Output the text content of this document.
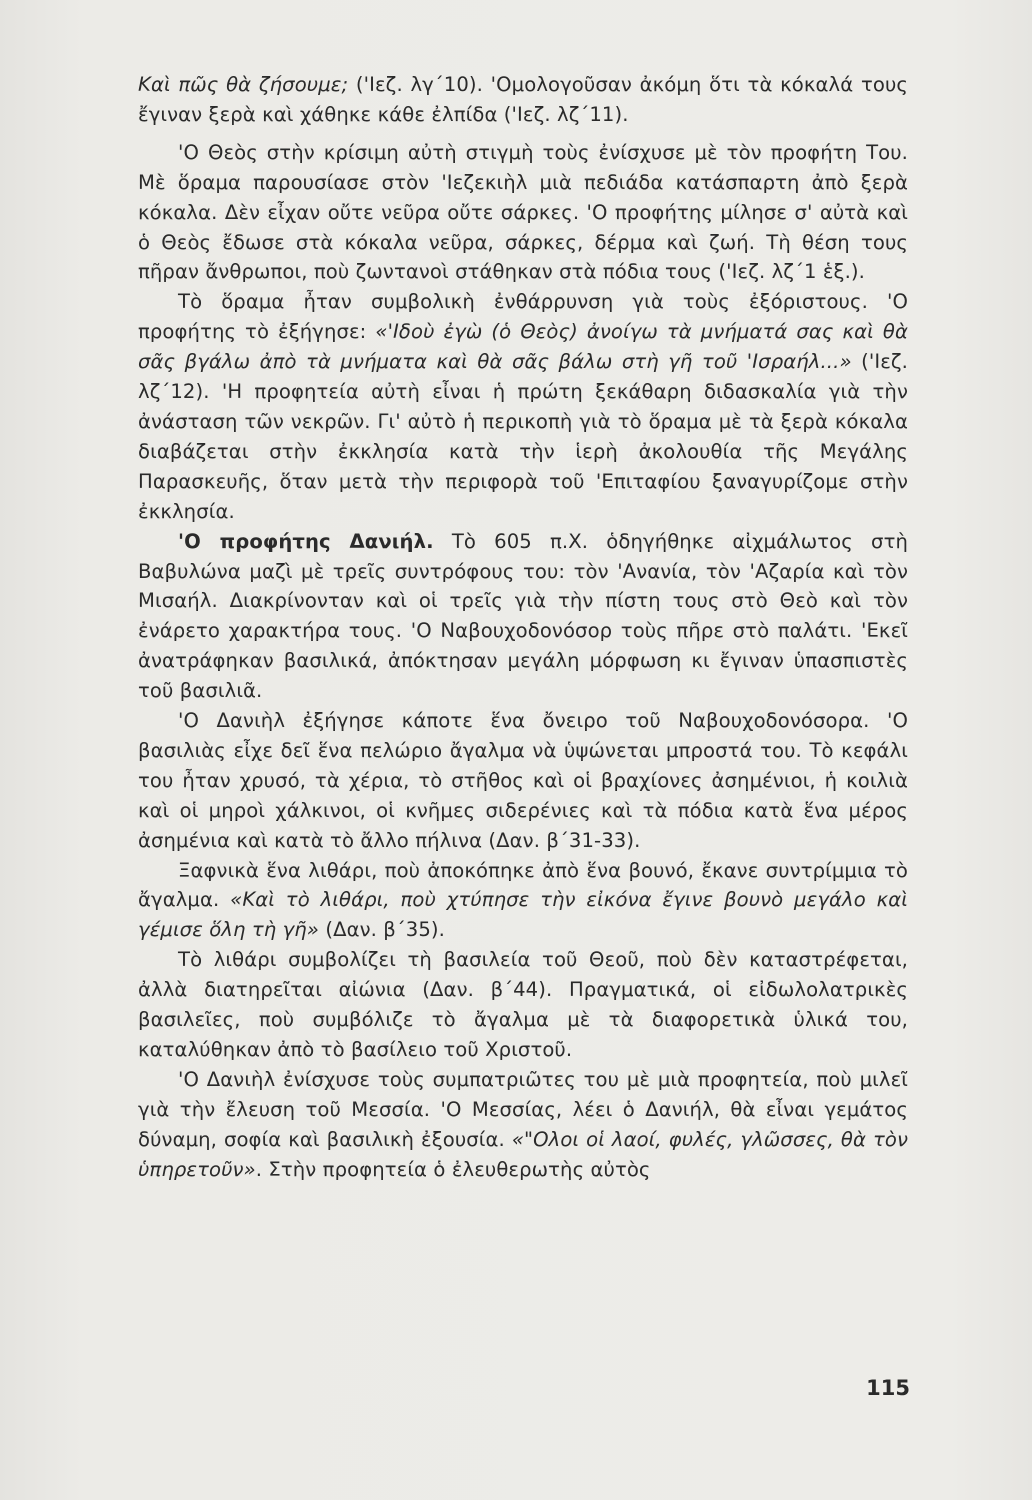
Καὶ πῶς θὰ ζήσουμε; ('Ιεζ. λγ΄10). 'Ομολογοῦσαν ἀκόμη ὅτι τὰ κόκαλά τους ἔγιναν ξερὰ καὶ χάθηκε κάθε ἐλπίδα ('Ιεζ. λζ΄11).

'Ο Θεὸς στὴν κρίσιμη αὐτὴ στιγμὴ τοὺς ἐνίσχυσε μὲ τὸν προφήτη Του. Μὲ ὅραμα παρουσίασε στὸν 'Ιεζεκιὴλ μιὰ πεδιάδα κατάσπαρτη ἀπὸ ξερὰ κόκαλα. Δὲν εἶχαν οὔτε νεῦρα οὔτε σάρκες. 'Ο προφήτης μίλησε σ' αὐτὰ καὶ ὁ Θεὸς ἔδωσε στὰ κόκαλα νεῦρα, σάρκες, δέρμα καὶ ζωή. Τὴ θέση τους πῆραν ἄνθρωποι, ποὺ ζωντανοὶ στάθηκαν στὰ πόδια τους ('Ιεζ. λζ΄1 ἑξ.).

Τὸ ὅραμα ἦταν συμβολικὴ ἐνθάρρυνση γιὰ τοὺς ἐξόριστους. 'Ο προφήτης τὸ ἐξήγησε: «'Ιδοὺ ἐγὼ (ὁ Θεὸς) ἀνοίγω τὰ μνήματά σας καὶ θὰ σᾶς βγάλω ἀπὸ τὰ μνήματα καὶ θὰ σᾶς βάλω στὴ γῆ τοῦ 'Ισραήλ...» ('Ιεζ. λζ΄12). 'Η προφητεία αὐτὴ εἶναι ἡ πρώτη ξεκάθαρη διδασκαλία γιὰ τὴν ἀνάσταση τῶν νεκρῶν. Γι' αὐτὸ ἡ περικοπὴ γιὰ τὸ ὅραμα μὲ τὰ ξερὰ κόκαλα διαβάζεται στὴν ἐκκλησία κατὰ τὴν ἱερὴ ἀκολουθία τῆς Μεγάλης Παρασκευῆς, ὅταν μετὰ τὴν περιφορὰ τοῦ 'Επιταφίου ξαναγυρίζομε στὴν ἐκκλησία.

'Ο προφήτης Δανιήλ. Τὸ 605 π.Χ. ὁδηγήθηκε αἰχμάλωτος στὴ Βαβυλώνα μαζὶ μὲ τρεῖς συντρόφους του: τὸν 'Ανανία, τὸν 'Αζαρία καὶ τὸν Μισαήλ. Διακρίνονταν καὶ οἱ τρεῖς γιὰ τὴν πίστη τους στὸ Θεὸ καὶ τὸν ἐνάρετο χαρακτήρα τους. 'Ο Ναβουχοδονόσορ τοὺς πῆρε στὸ παλάτι. 'Εκεῖ ἀνατράφηκαν βασιλικά, ἀπόκτησαν μεγάλη μόρφωση κι ἔγιναν ὑπασπιστὲς τοῦ βασιλιᾶ.

'Ο Δανιὴλ ἐξήγησε κάποτε ἕνα ὄνειρο τοῦ Ναβουχοδονόσορα. 'Ο βασιλιὰς εἶχε δεῖ ἕνα πελώριο ἄγαλμα νὰ ὑψώνεται μπροστά του. Τὸ κεφάλι του ἦταν χρυσό, τὰ χέρια, τὸ στῆθος καὶ οἱ βραχίονες ἀσημένιοι, ἡ κοιλιὰ καὶ οἱ μηροὶ χάλκινοι, οἱ κνῆμες σιδερένιες καὶ τὰ πόδια κατὰ ἕνα μέρος ἀσημένια καὶ κατὰ τὸ ἄλλο πήλινα (Δαν. β΄31-33).

Ξαφνικὰ ἕνα λιθάρι, ποὺ ἀποκόπηκε ἀπὸ ἕνα βουνό, ἔκανε συντρίμμια τὸ ἄγαλμα. «Καὶ τὸ λιθάρι, ποὺ χτύπησε τὴν εἰκόνα ἔγινε βουνὸ μεγάλο καὶ γέμισε ὅλη τὴ γῆ» (Δαν. β΄35).

Τὸ λιθάρι συμβολίζει τὴ βασιλεία τοῦ Θεοῦ, ποὺ δὲν καταστρέφεται, ἀλλὰ διατηρεῖται αἰώνια (Δαν. β΄44). Πραγματικά, οἱ εἰδωλολατρικὲς βασιλεῖες, ποὺ συμβόλιζε τὸ ἄγαλμα μὲ τὰ διαφορετικὰ ὑλικά του, καταλύθηκαν ἀπὸ τὸ βασίλειο τοῦ Χριστοῦ.

'Ο Δανιὴλ ἐνίσχυσε τοὺς συμπατριῶτες του μὲ μιὰ προφητεία, ποὺ μιλεῖ γιὰ τὴν ἔλευση τοῦ Μεσσία. 'Ο Μεσσίας, λέει ὁ Δανιήλ, θὰ εἶναι γεμάτος δύναμη, σοφία καὶ βασιλικὴ ἐξουσία. «"Ολοι οἱ λαοί, φυλές, γλῶσσες, θὰ τὸν ὑπηρετοῦν». Στὴν προφητεία ὁ ἐλευθερωτὴς αὐτὸς

115
